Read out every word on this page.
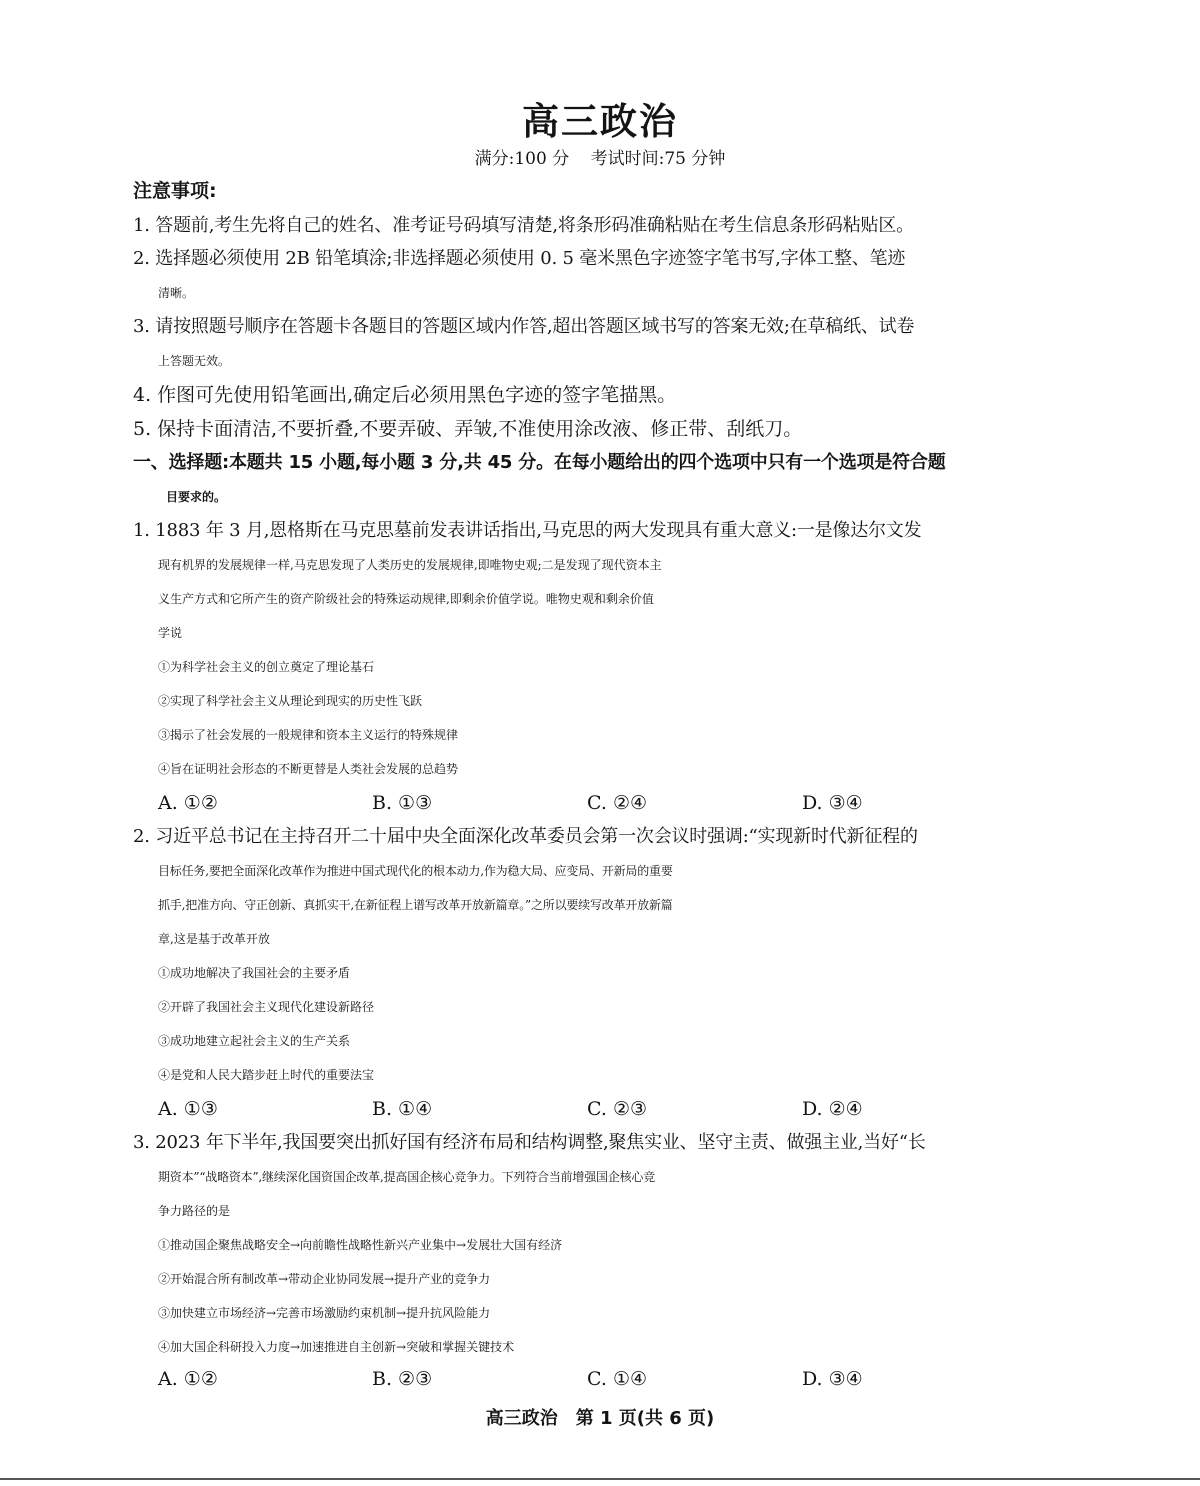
高三政治
满分:100 分 考试时间:75 分钟
注意事项:
1. 答题前,考生先将自己的姓名、准考证号码填写清楚,将条形码准确粘贴在考生信息条形码粘贴区。
2. 选择题必须使用 2B 铅笔填涂;非选择题必须使用 0. 5 毫米黑色字迹签字笔书写,字体工整、笔迹
清晰。
3. 请按照题号顺序在答题卡各题目的答题区域内作答,超出答题区域书写的答案无效;在草稿纸、试卷
上答题无效。
4. 作图可先使用铅笔画出,确定后必须用黑色字迹的签字笔描黑。
5. 保持卡面清洁,不要折叠,不要弄破、弄皱,不准使用涂改液、修正带、刮纸刀。
一、选择题:本题共 15 小题,每小题 3 分,共 45 分。在每小题给出的四个选项中只有一个选项是符合题
目要求的。
1. 1883 年 3 月,恩格斯在马克思墓前发表讲话指出,马克思的两大发现具有重大意义:一是像达尔文发
现有机界的发展规律一样,马克思发现了人类历史的发展规律,即唯物史观;二是发现了现代资本主
义生产方式和它所产生的资产阶级社会的特殊运动规律,即剩余价值学说。唯物史观和剩余价值
学说
①为科学社会主义的创立奠定了理论基石
②实现了科学社会主义从理论到现实的历史性飞跃
③揭示了社会发展的一般规律和资本主义运行的特殊规律
④旨在证明社会形态的不断更替是人类社会发展的总趋势
A. ①②	B. ①③	C. ②④	D. ③④
2. 习近平总书记在主持召开二十届中央全面深化改革委员会第一次会议时强调:“实现新时代新征程的
目标任务,要把全面深化改革作为推进中国式现代化的根本动力,作为稳大局、应变局、开新局的重要
抓手,把准方向、守正创新、真抓实干,在新征程上谱写改革开放新篇章。”之所以要续写改革开放新篇
章,这是基于改革开放
①成功地解决了我国社会的主要矛盾
②开辟了我国社会主义现代化建设新路径
③成功地建立起社会主义的生产关系
④是党和人民大踏步赶上时代的重要法宝
A. ①③	B. ①④	C. ②③	D. ②④
3. 2023 年下半年,我国要突出抓好国有经济布局和结构调整,聚焦实业、坚守主责、做强主业,当好“长
期资本”“战略资本”,继续深化国资国企改革,提高国企核心竞争力。下列符合当前增强国企核心竞
争力路径的是
①推动国企聚焦战略安全→向前瞻性战略性新兴产业集中→发展壮大国有经济
②开始混合所有制改革→带动企业协同发展→提升产业的竞争力
③加快建立市场经济→完善市场激励约束机制→提升抗风险能力
④加大国企科研投入力度→加速推进自主创新→突破和掌握关键技术
A. ①②	B. ②③	C. ①④	D. ③④
高三政治　第 1 页(共 6 页)
